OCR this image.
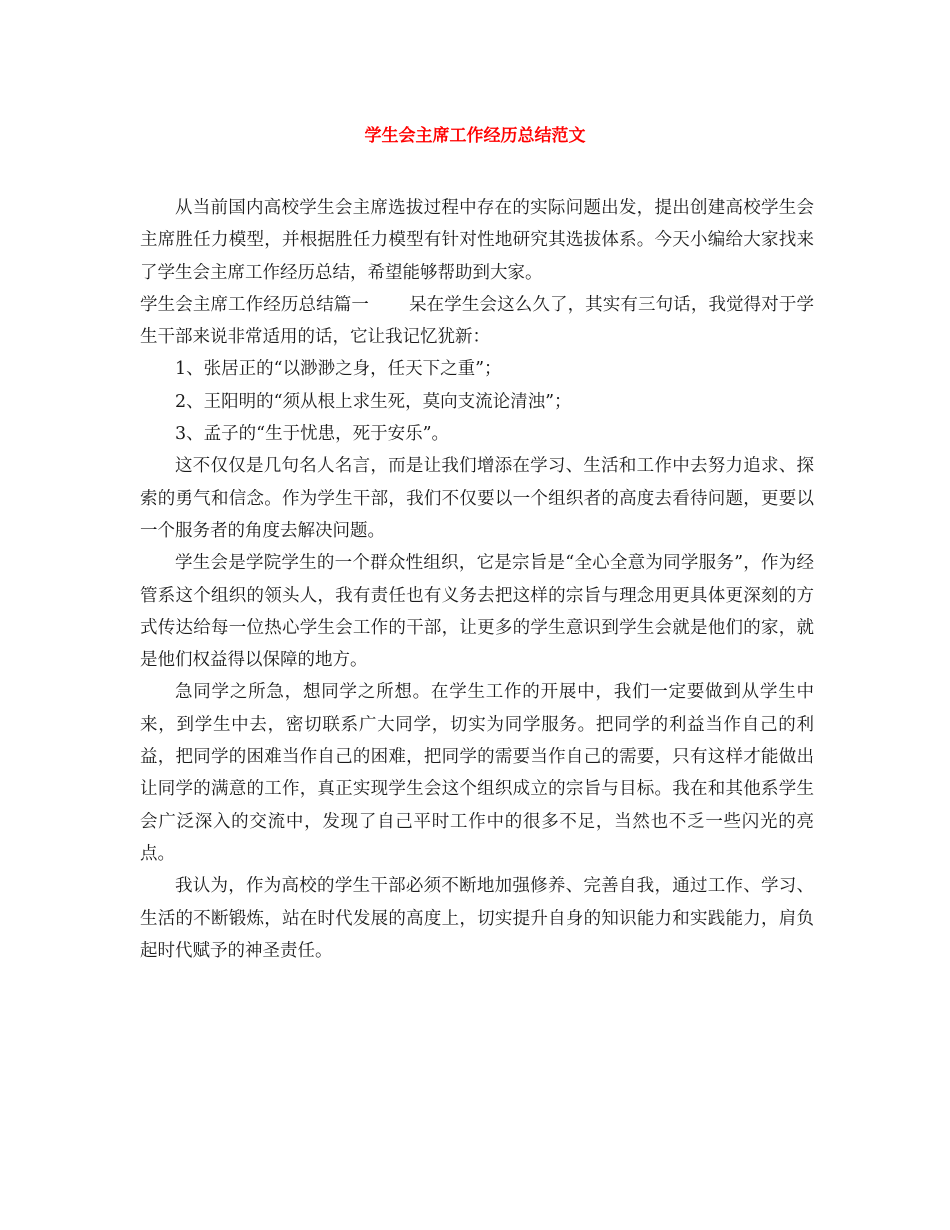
学生会主席工作经历总结范文

从当前国内高校学生会主席选拔过程中存在的实际问题出发，提出创建高校学生会主席胜任力模型，并根据胜任力模型有针对性地研究其选拔体系。今天小编给大家找来了学生会主席工作经历总结，希望能够帮助到大家。

学生会主席工作经历总结篇一 呆在学生会这么久了，其实有三句话，我觉得对于学生干部来说非常适用的话，它让我记忆犹新：

1、张居正的“以渺渺之身，任天下之重”；

2、王阳明的“须从根上求生死，莫向支流论清浊”；

3、孟子的“生于忧患，死于安乐”。

这不仅仅是几句名人名言，而是让我们增添在学习、生活和工作中去努力追求、探索的勇气和信念。作为学生干部，我们不仅要以一个组织者的高度去看待问题，更要以一个服务者的角度去解决问题。

学生会是学院学生的一个群众性组织，它是宗旨是“全心全意为同学服务”，作为经管系这个组织的领头人，我有责任也有义务去把这样的宗旨与理念用更具体更深刻的方式传达给每一位热心学生会工作的干部，让更多的学生意识到学生会就是他们的家，就是他们权益得以保障的地方。

急同学之所急，想同学之所想。在学生工作的开展中，我们一定要做到从学生中来，到学生中去，密切联系广大同学，切实为同学服务。把同学的利益当作自己的利益，把同学的困难当作自己的困难，把同学的需要当作自己的需要，只有这样才能做出让同学的满意的工作，真正实现学生会这个组织成立的宗旨与目标。我在和其他系学生会广泛深入的交流中，发现了自己平时工作中的很多不足，当然也不乏一些闪光的亮点。

我认为，作为高校的学生干部必须不断地加强修养、完善自我，通过工作、学习、生活的不断锻炼，站在时代发展的高度上，切实提升自身的知识能力和实践能力，肩负起时代赋予的神圣责任。
